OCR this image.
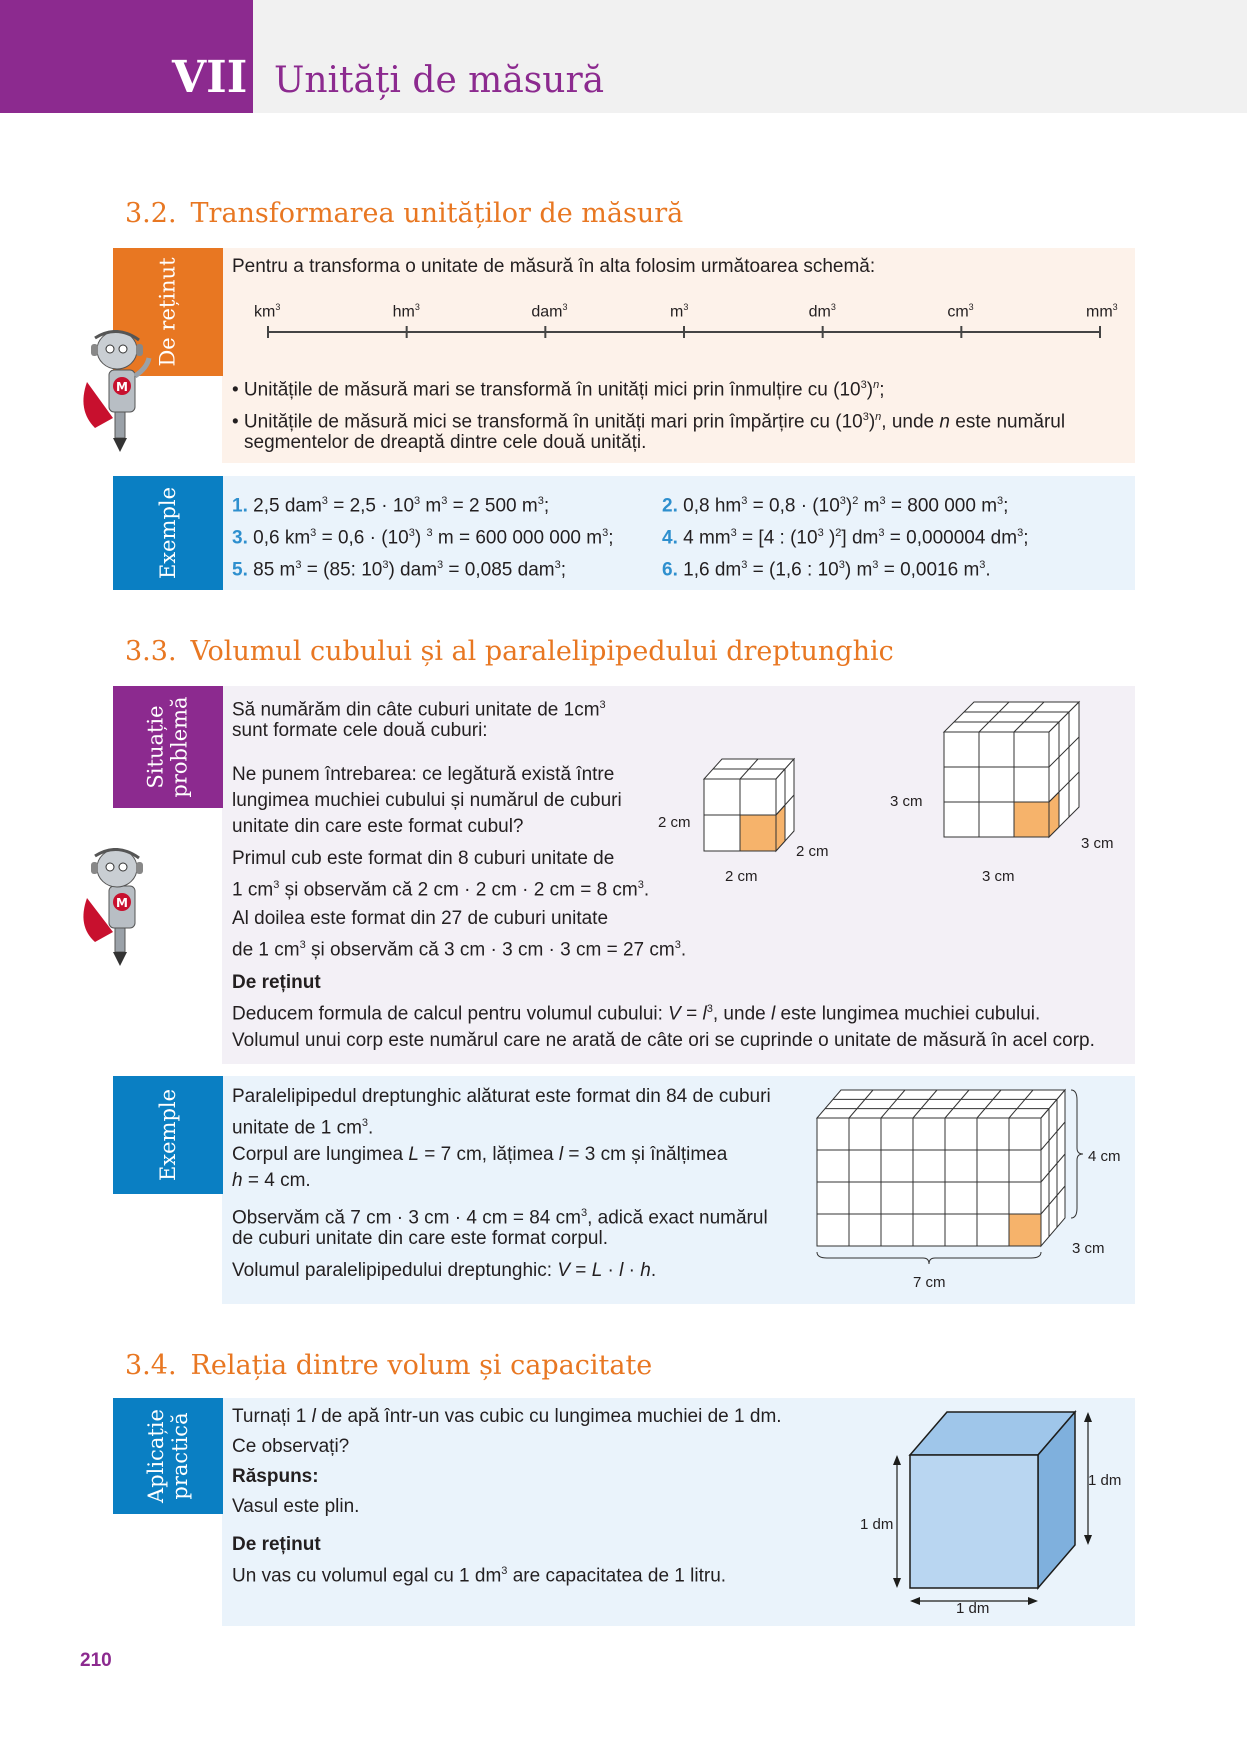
VII Unități de măsură
3.2. Transformarea unităților de măsură
De reținut
M
Pentru a transforma o unitate de măsură în alta folosim următoarea schemă:
$km^3$	$hm^3$	dam$^3$	$m^3$	$dm^3$	$cm^3$	$mm^3$
• Unitățile de măsură mari se transformă în unități mici prin înmulțire cu $(10^3)^n$;
• Unitățile de măsură mici se transformă în unități mari prin împărțire cu $(10^3)^n$, unde n este numărul
segmentelor de dreaptă dintre cele două unități.
Exemple	1. 2,5 $dam^3 = 2,5 \cdot 10^3$ $m^3 = 2$ 500 $m^3$;	2. 0,8 $hm^3 = 0,8 \cdot (10^3)^2$ $m^3 = 800$ 000 $m^3$;
3. 0,6 $km^3 = 0,6 \cdot (10^3)$ $^3$ m = 600 000 000 $m^3$;	4. 4 $mm^3 = [4$ : ($10^3$ )$^2$] $dm^3 = 0,000004$ $dm^3$;
5. 85 $m^3 = (85$: $10^3$) dam$^3$ = 0,085 dam$^3$;	6. 1,6 $dm^3 = (1,6$ : $10^3$) $m^3 = 0,0016$ $m^3$.
3.3. Volumul cubului și al paralelipipedului dreptunghic
Situație
problemă
M
Să numărăm din câte cuburi unitate de $1cm^3$
sunt formate cele două cuburi:
Ne punem întrebarea: ce legătură există între
lungimea muchiei cubului și numărul de cuburi
unitate din care este format cubul?
Primul cub este format din 8 cuburi unitate de
1 $cm^3$ și observăm că 2 cm · 2 cm · 2 cm = 8 $cm^3$.
Al doilea este format din 27 de cuburi unitate
de 1 $cm^3$ și observăm că 3 cm · 3 cm · 3 cm = 27 $cm^3$.
2 cm
2 cm
2 cm
3 cm
3 cm
3 cm
De reținut
Deducem formula de calcul pentru volumul cubului: $V = l^3$, unde l este lungimea muchiei cubului.
Volumul unui corp este numărul care ne arată de câte ori se cuprinde o unitate de măsură în acel corp.
Exemple	Paralelipipedul dreptunghic alăturat este format din 84 de cuburi
unitate de 1 $cm^3$.
Corpul are lungimea L = 7 cm, lățimea l = 3 cm și înălțimea
h = 4 cm.
Observăm că 7 cm · 3 cm · 4 cm = 84 $cm^3$, adică exact numărul
de cuburi unitate din care este format corpul.
Volumul paralelipipedului dreptunghic: V = L · l · h.
4 cm
3 cm
7 cm
3.4. Relația dintre volum și capacitate
Aplicație
practică Turnați 1 l de apă într-un vas cubic cu lungimea muchiei de 1 dm.
Ce observați?
Răspuns:
Vasul este plin.
De reținut
Un vas cu volumul egal cu 1 $dm^3$ are capacitatea de 1 litru.
1 dm
1 dm
1 dm
210
